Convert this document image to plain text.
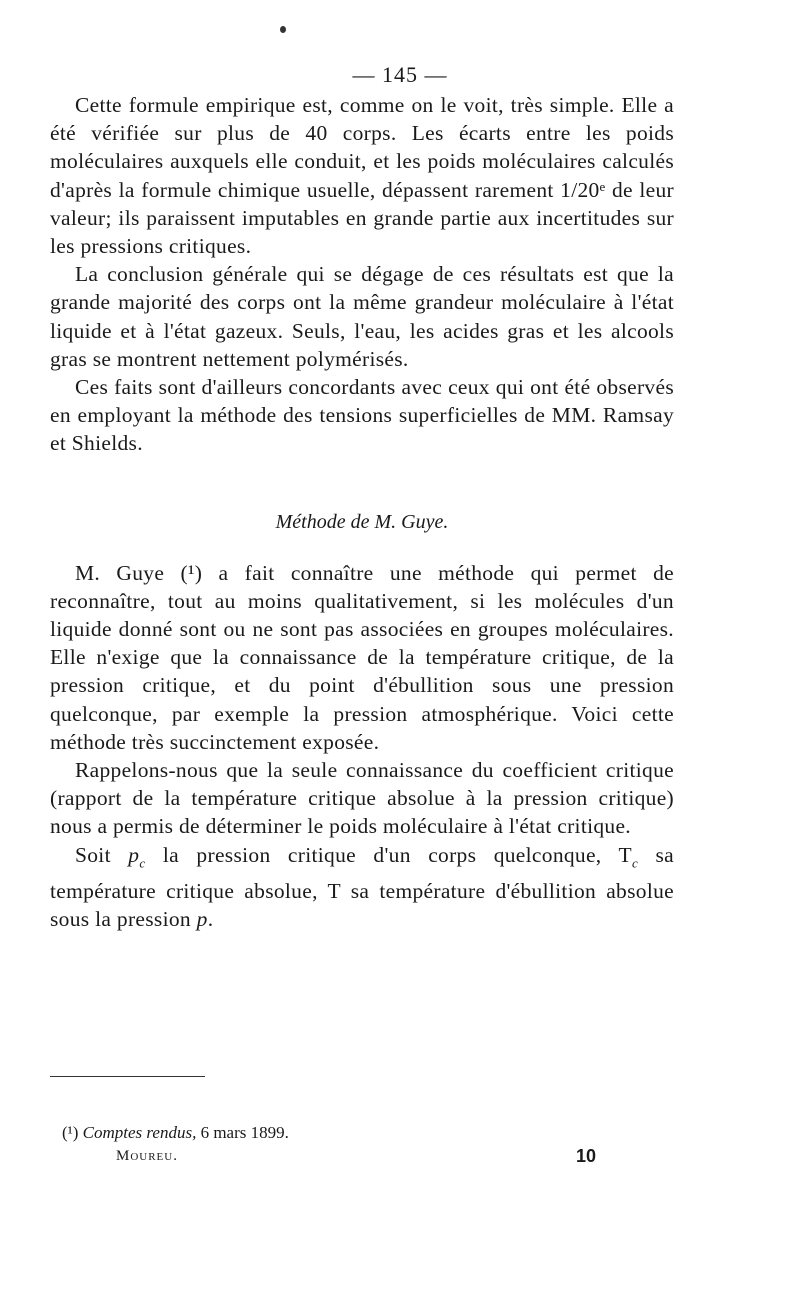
— 145 —

Cette formule empirique est, comme on le voit, très simple. Elle a été vérifiée sur plus de 40 corps. Les écarts entre les poids moléculaires auxquels elle conduit, et les poids moléculaires calculés d'après la formule chimique usuelle, dépassent rarement 1/20ᵉ de leur valeur; ils paraissent imputables en grande partie aux incertitudes sur les pressions critiques.

La conclusion générale qui se dégage de ces résultats est que la grande majorité des corps ont la même grandeur moléculaire à l'état liquide et à l'état gazeux. Seuls, l'eau, les acides gras et les alcools gras se montrent nettement polymérisés.

Ces faits sont d'ailleurs concordants avec ceux qui ont été observés en employant la méthode des tensions superficielles de MM. Ramsay et Shields.

Méthode de M. Guye.

M. Guye (¹) a fait connaître une méthode qui permet de reconnaître, tout au moins qualitativement, si les molécules d'un liquide donné sont ou ne sont pas associées en groupes moléculaires. Elle n'exige que la connaissance de la température critique, de la pression critique, et du point d'ébullition sous une pression quelconque, par exemple la pression atmosphérique. Voici cette méthode très succinctement exposée.

Rappelons-nous que la seule connaissance du coefficient critique (rapport de la température critique absolue à la pression critique) nous a permis de déterminer le poids moléculaire à l'état critique.

Soit $p_c$ la pression critique d'un corps quelconque, $T_c$ sa température critique absolue, T sa température d'ébullition absolue sous la pression p.

(¹) Comptes rendus, 6 mars 1899.
Moureu.	10
